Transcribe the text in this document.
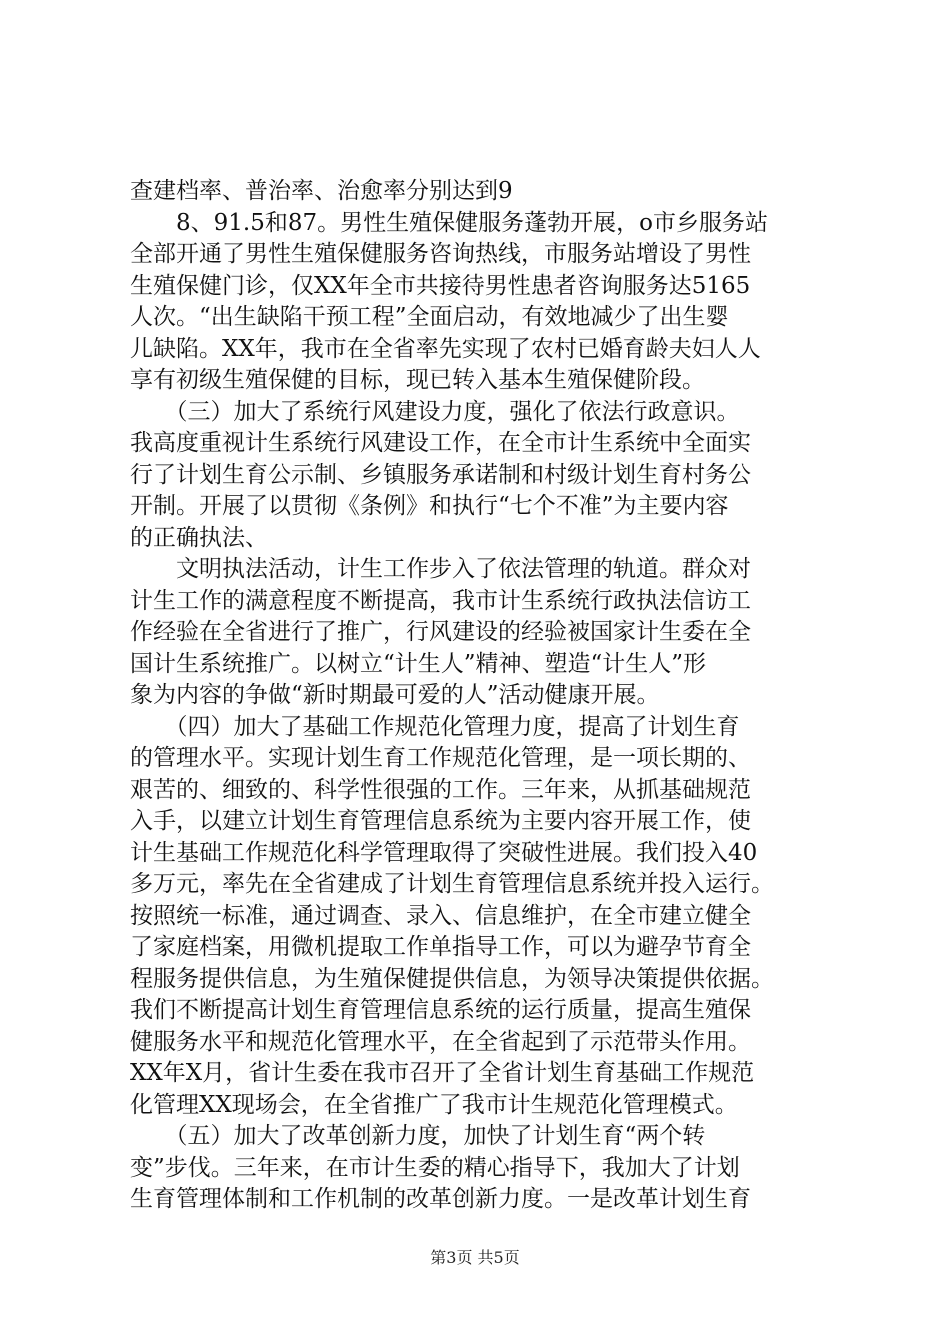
查建档率、普治率、治愈率分别达到9
　　8、91.5和87。男性生殖保健服务蓬勃开展，o市乡服务站
全部开通了男性生殖保健服务咨询热线，市服务站增设了男性
生殖保健门诊，仅XX年全市共接待男性患者咨询服务达5165
人次。“出生缺陷干预工程”全面启动，有效地减少了出生婴
儿缺陷。XX年，我市在全省率先实现了农村已婚育龄夫妇人人
享有初级生殖保健的目标，现已转入基本生殖保健阶段。
　　（三）加大了系统行风建设力度，强化了依法行政意识。
我高度重视计生系统行风建设工作，在全市计生系统中全面实
行了计划生育公示制、乡镇服务承诺制和村级计划生育村务公
开制。开展了以贯彻《条例》和执行“七个不准”为主要内容
的正确执法、
　　文明执法活动，计生工作步入了依法管理的轨道。群众对
计生工作的满意程度不断提高，我市计生系统行政执法信访工
作经验在全省进行了推广，行风建设的经验被国家计生委在全
国计生系统推广。以树立“计生人”精神、塑造“计生人”形
象为内容的争做“新时期最可爱的人”活动健康开展。
　　（四）加大了基础工作规范化管理力度，提高了计划生育
的管理水平。实现计划生育工作规范化管理，是一项长期的、
艰苦的、细致的、科学性很强的工作。三年来，从抓基础规范
入手，以建立计划生育管理信息系统为主要内容开展工作，使
计生基础工作规范化科学管理取得了突破性进展。我们投入40
多万元，率先在全省建成了计划生育管理信息系统并投入运行。
按照统一标准，通过调查、录入、信息维护，在全市建立健全
了家庭档案，用微机提取工作单指导工作，可以为避孕节育全
程服务提供信息，为生殖保健提供信息，为领导决策提供依据。
我们不断提高计划生育管理信息系统的运行质量，提高生殖保
健服务水平和规范化管理水平，在全省起到了示范带头作用。
XX年X月，省计生委在我市召开了全省计划生育基础工作规范
化管理XX现场会，在全省推广了我市计生规范化管理模式。
　　（五）加大了改革创新力度，加快了计划生育“两个转
变”步伐。三年来，在市计生委的精心指导下，我加大了计划
生育管理体制和工作机制的改革创新力度。一是改革计划生育
第3页 共5页
